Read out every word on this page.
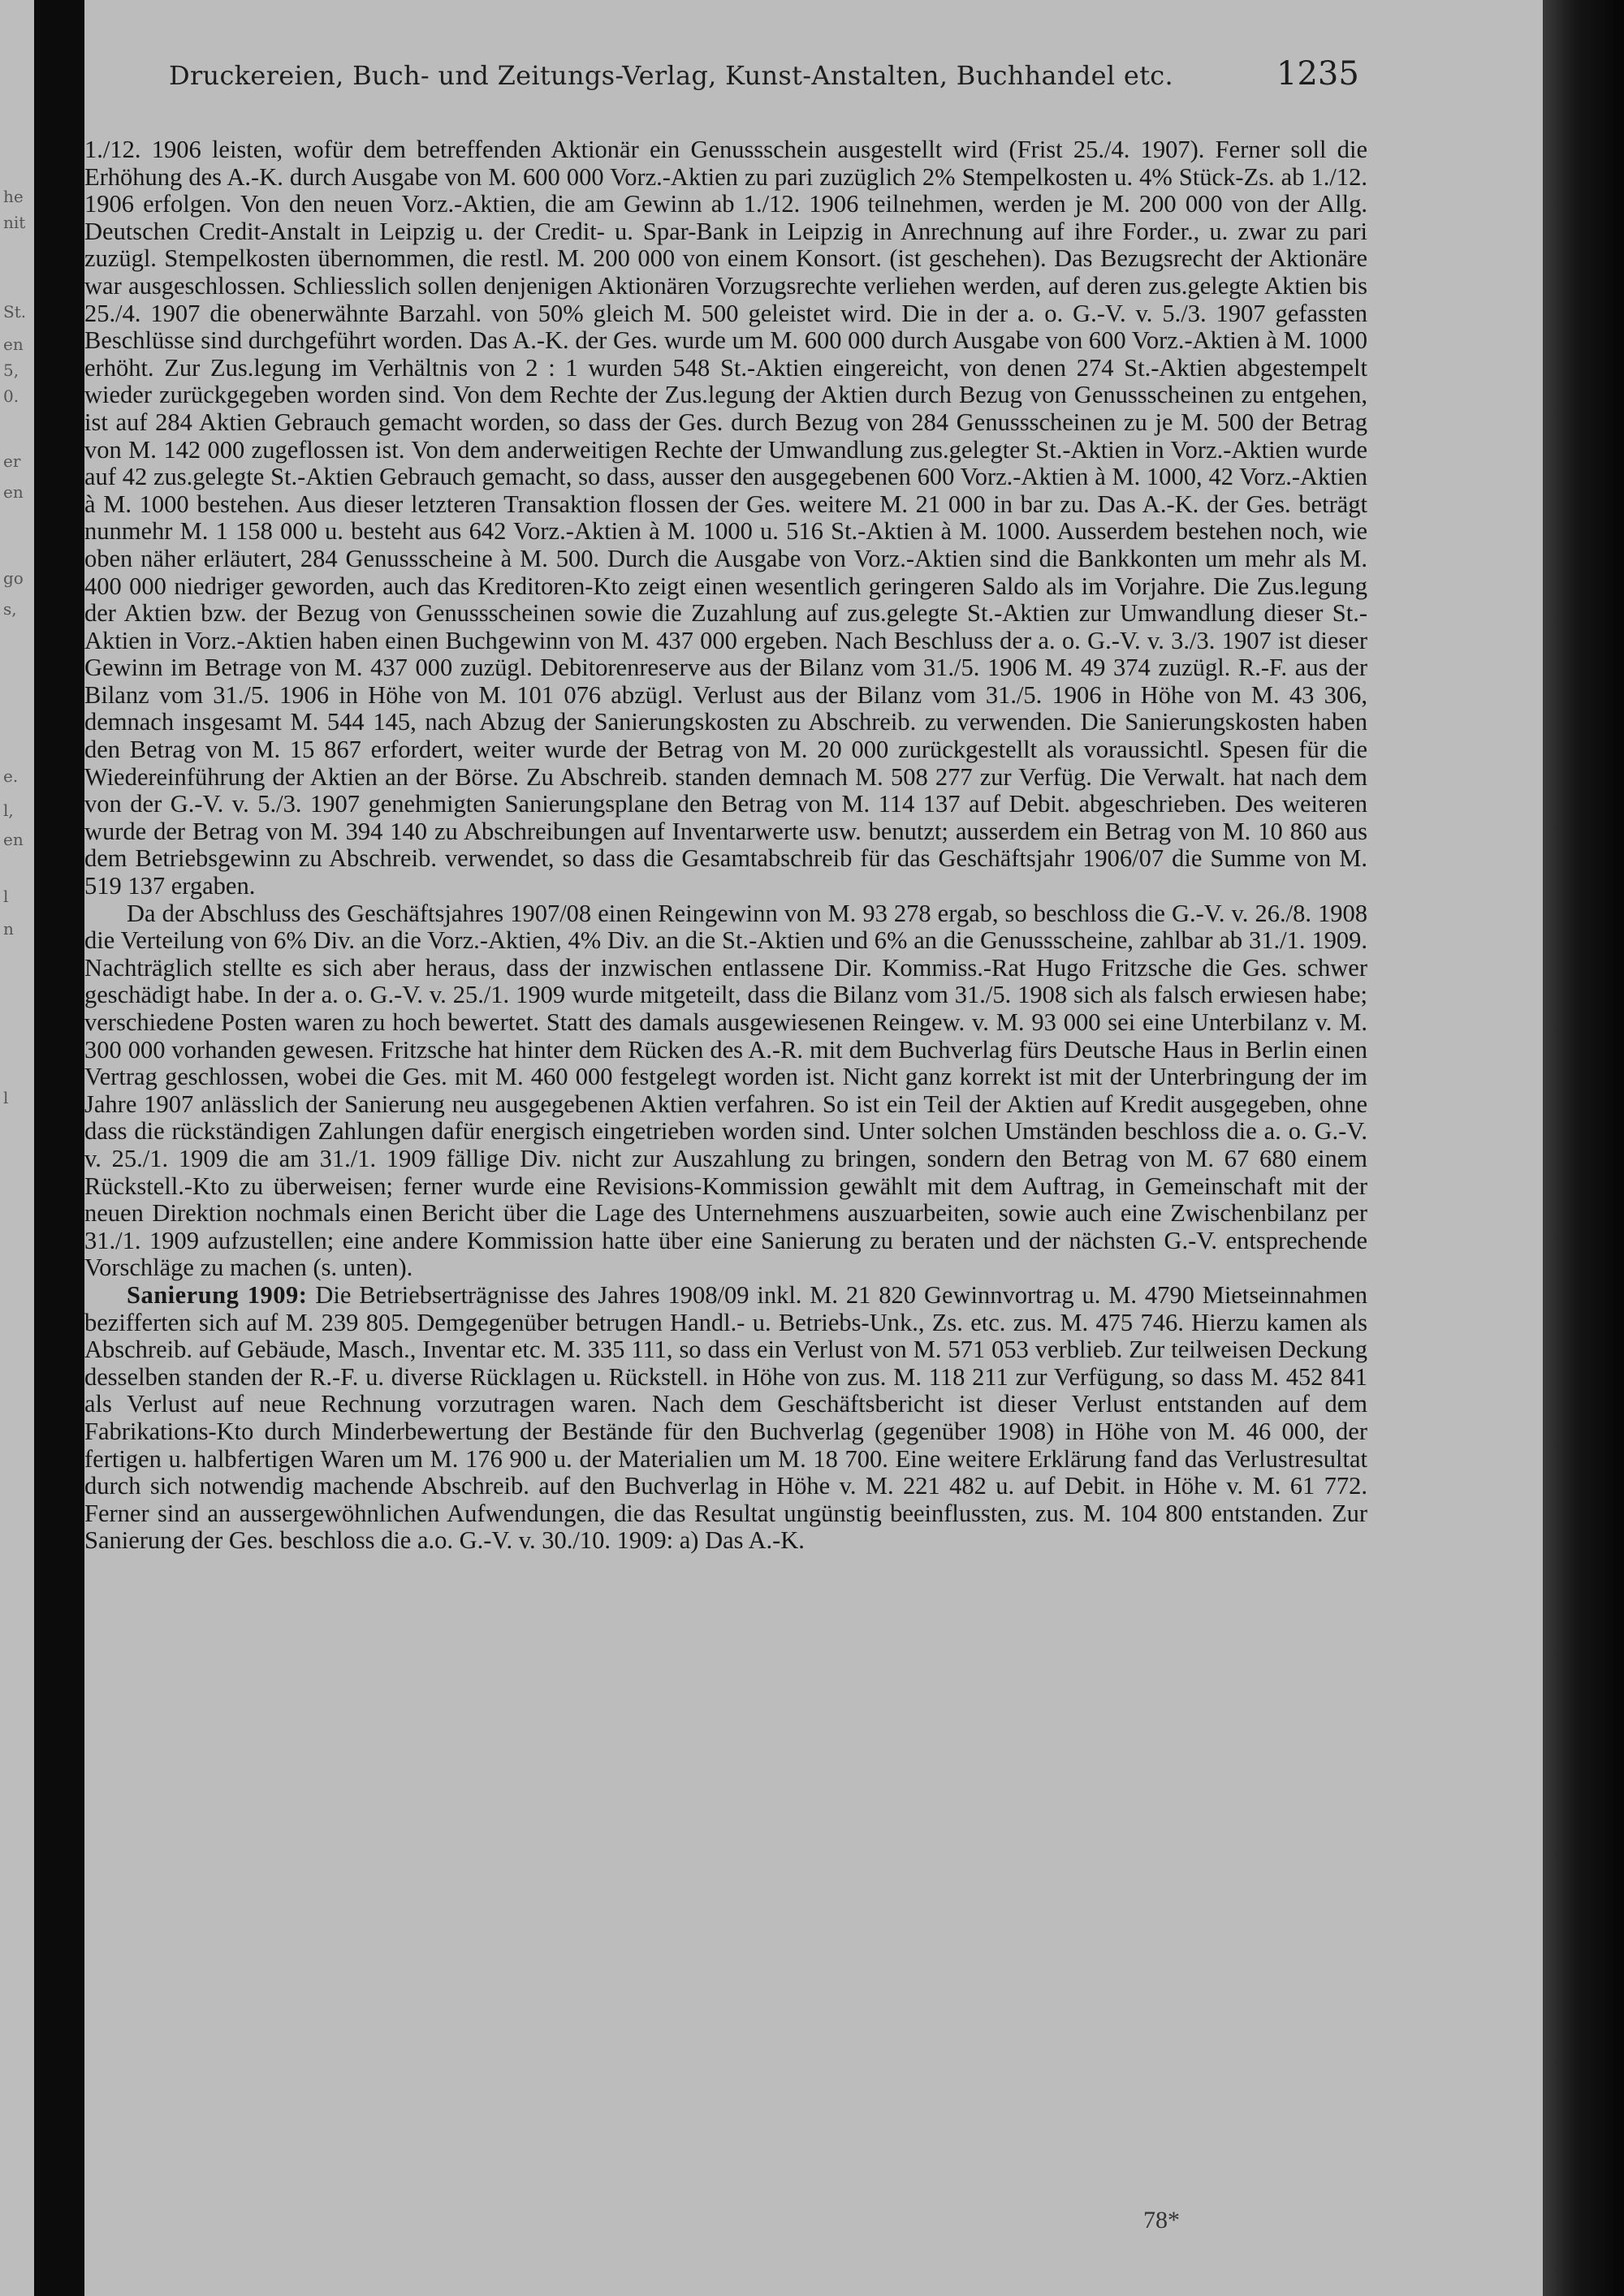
he
nit
St.
en
5,
0.
er
en
go
s,
e.
l,
en
l
n
l
Druckereien, Buch- und Zeitungs-Verlag, Kunst-Anstalten, Buchhandel etc.	1235

1./12. 1906 leisten, wofür dem betreffenden Aktionär ein Genussschein ausgestellt wird (Frist 25./4. 1907). Ferner soll die Erhöhung des A.-K. durch Ausgabe von M. 600 000 Vorz.-Aktien zu pari zuzüglich 2% Stempelkosten u. 4% Stück-Zs. ab 1./12. 1906 erfolgen. Von den neuen Vorz.-Aktien, die am Gewinn ab 1./12. 1906 teilnehmen, werden je M. 200 000 von der Allg. Deutschen Credit-Anstalt in Leipzig u. der Credit- u. Spar-Bank in Leipzig in Anrechnung auf ihre Forder., u. zwar zu pari zuzügl. Stempelkosten übernommen, die restl. M. 200 000 von einem Konsort. (ist geschehen). Das Bezugsrecht der Aktionäre war ausgeschlossen. Schliesslich sollen denjenigen Aktionären Vorzugsrechte verliehen werden, auf deren zus.gelegte Aktien bis 25./4. 1907 die obenerwähnte Barzahl. von 50% gleich M. 500 geleistet wird. Die in der a. o. G.-V. v. 5./3. 1907 gefassten Beschlüsse sind durchgeführt worden. Das A.-K. der Ges. wurde um M. 600 000 durch Ausgabe von 600 Vorz.-Aktien à M. 1000 erhöht. Zur Zus.legung im Verhältnis von 2 : 1 wurden 548 St.-Aktien eingereicht, von denen 274 St.-Aktien abgestempelt wieder zurückgegeben worden sind. Von dem Rechte der Zus.legung der Aktien durch Bezug von Genussscheinen zu entgehen, ist auf 284 Aktien Gebrauch gemacht worden, so dass der Ges. durch Bezug von 284 Genussscheinen zu je M. 500 der Betrag von M. 142 000 zugeflossen ist. Von dem anderweitigen Rechte der Umwandlung zus.gelegter St.-Aktien in Vorz.-Aktien wurde auf 42 zus.gelegte St.-Aktien Gebrauch gemacht, so dass, ausser den ausgegebenen 600 Vorz.-Aktien à M. 1000, 42 Vorz.-Aktien à M. 1000 bestehen. Aus dieser letzteren Transaktion flossen der Ges. weitere M. 21 000 in bar zu. Das A.-K. der Ges. beträgt nunmehr M. 1 158 000 u. besteht aus 642 Vorz.-Aktien à M. 1000 u. 516 St.-Aktien à M. 1000. Ausserdem bestehen noch, wie oben näher erläutert, 284 Genussscheine à M. 500. Durch die Ausgabe von Vorz.-Aktien sind die Bankkonten um mehr als M. 400 000 niedriger geworden, auch das Kreditoren-Kto zeigt einen wesentlich geringeren Saldo als im Vorjahre. Die Zus.legung der Aktien bzw. der Bezug von Genussscheinen sowie die Zuzahlung auf zus.gelegte St.-Aktien zur Umwandlung dieser St.-Aktien in Vorz.-Aktien haben einen Buchgewinn von M. 437 000 ergeben. Nach Beschluss der a. o. G.-V. v. 3./3. 1907 ist dieser Gewinn im Betrage von M. 437 000 zuzügl. Debitorenreserve aus der Bilanz vom 31./5. 1906 M. 49 374 zuzügl. R.-F. aus der Bilanz vom 31./5. 1906 in Höhe von M. 101 076 abzügl. Verlust aus der Bilanz vom 31./5. 1906 in Höhe von M. 43 306, demnach insgesamt M. 544 145, nach Abzug der Sanierungskosten zu Abschreib. zu verwenden. Die Sanierungskosten haben den Betrag von M. 15 867 erfordert, weiter wurde der Betrag von M. 20 000 zurückgestellt als voraussichtl. Spesen für die Wiedereinführung der Aktien an der Börse. Zu Abschreib. standen demnach M. 508 277 zur Verfüg. Die Verwalt. hat nach dem von der G.-V. v. 5./3. 1907 genehmigten Sanierungsplane den Betrag von M. 114 137 auf Debit. abgeschrieben. Des weiteren wurde der Betrag von M. 394 140 zu Abschreibungen auf Inventarwerte usw. benutzt; ausserdem ein Betrag von M. 10 860 aus dem Betriebsgewinn zu Abschreib. verwendet, so dass die Gesamtabschreib für das Geschäftsjahr 1906/07 die Summe von M. 519 137 ergaben.

Da der Abschluss des Geschäftsjahres 1907/08 einen Reingewinn von M. 93 278 ergab, so beschloss die G.-V. v. 26./8. 1908 die Verteilung von 6% Div. an die Vorz.-Aktien, 4% Div. an die St.-Aktien und 6% an die Genussscheine, zahlbar ab 31./1. 1909. Nachträglich stellte es sich aber heraus, dass der inzwischen entlassene Dir. Kommiss.-Rat Hugo Fritzsche die Ges. schwer geschädigt habe. In der a. o. G.-V. v. 25./1. 1909 wurde mitgeteilt, dass die Bilanz vom 31./5. 1908 sich als falsch erwiesen habe; verschiedene Posten waren zu hoch bewertet. Statt des damals ausgewiesenen Reingew. v. M. 93 000 sei eine Unterbilanz v. M. 300 000 vorhanden gewesen. Fritzsche hat hinter dem Rücken des A.-R. mit dem Buchverlag fürs Deutsche Haus in Berlin einen Vertrag geschlossen, wobei die Ges. mit M. 460 000 festgelegt worden ist. Nicht ganz korrekt ist mit der Unterbringung der im Jahre 1907 anlässlich der Sanierung neu ausgegebenen Aktien verfahren. So ist ein Teil der Aktien auf Kredit ausgegeben, ohne dass die rückständigen Zahlungen dafür energisch eingetrieben worden sind. Unter solchen Umständen beschloss die a. o. G.-V. v. 25./1. 1909 die am 31./1. 1909 fällige Div. nicht zur Auszahlung zu bringen, sondern den Betrag von M. 67 680 einem Rückstell.-Kto zu überweisen; ferner wurde eine Revisions-Kommission gewählt mit dem Auftrag, in Gemeinschaft mit der neuen Direktion nochmals einen Bericht über die Lage des Unternehmens auszuarbeiten, sowie auch eine Zwischenbilanz per 31./1. 1909 aufzustellen; eine andere Kommission hatte über eine Sanierung zu beraten und der nächsten G.-V. entsprechende Vorschläge zu machen (s. unten).

Sanierung 1909: Die Betriebserträgnisse des Jahres 1908/09 inkl. M. 21 820 Gewinnvortrag u. M. 4790 Mietseinnahmen bezifferten sich auf M. 239 805. Demgegenüber betrugen Handl.- u. Betriebs-Unk., Zs. etc. zus. M. 475 746. Hierzu kamen als Abschreib. auf Gebäude, Masch., Inventar etc. M. 335 111, so dass ein Verlust von M. 571 053 verblieb. Zur teilweisen Deckung desselben standen der R.-F. u. diverse Rücklagen u. Rückstell. in Höhe von zus. M. 118 211 zur Verfügung, so dass M. 452 841 als Verlust auf neue Rechnung vorzutragen waren. Nach dem Geschäftsbericht ist dieser Verlust entstanden auf dem Fabrikations-Kto durch Minderbewertung der Bestände für den Buchverlag (gegenüber 1908) in Höhe von M. 46 000, der fertigen u. halbfertigen Waren um M. 176 900 u. der Materialien um M. 18 700. Eine weitere Erklärung fand das Verlustresultat durch sich notwendig machende Abschreib. auf den Buchverlag in Höhe v. M. 221 482 u. auf Debit. in Höhe v. M. 61 772. Ferner sind an aussergewöhnlichen Aufwendungen, die das Resultat ungünstig beeinflussten, zus. M. 104 800 entstanden. Zur Sanierung der Ges. beschloss die a.o. G.-V. v. 30./10. 1909: a) Das A.-K.

78*
